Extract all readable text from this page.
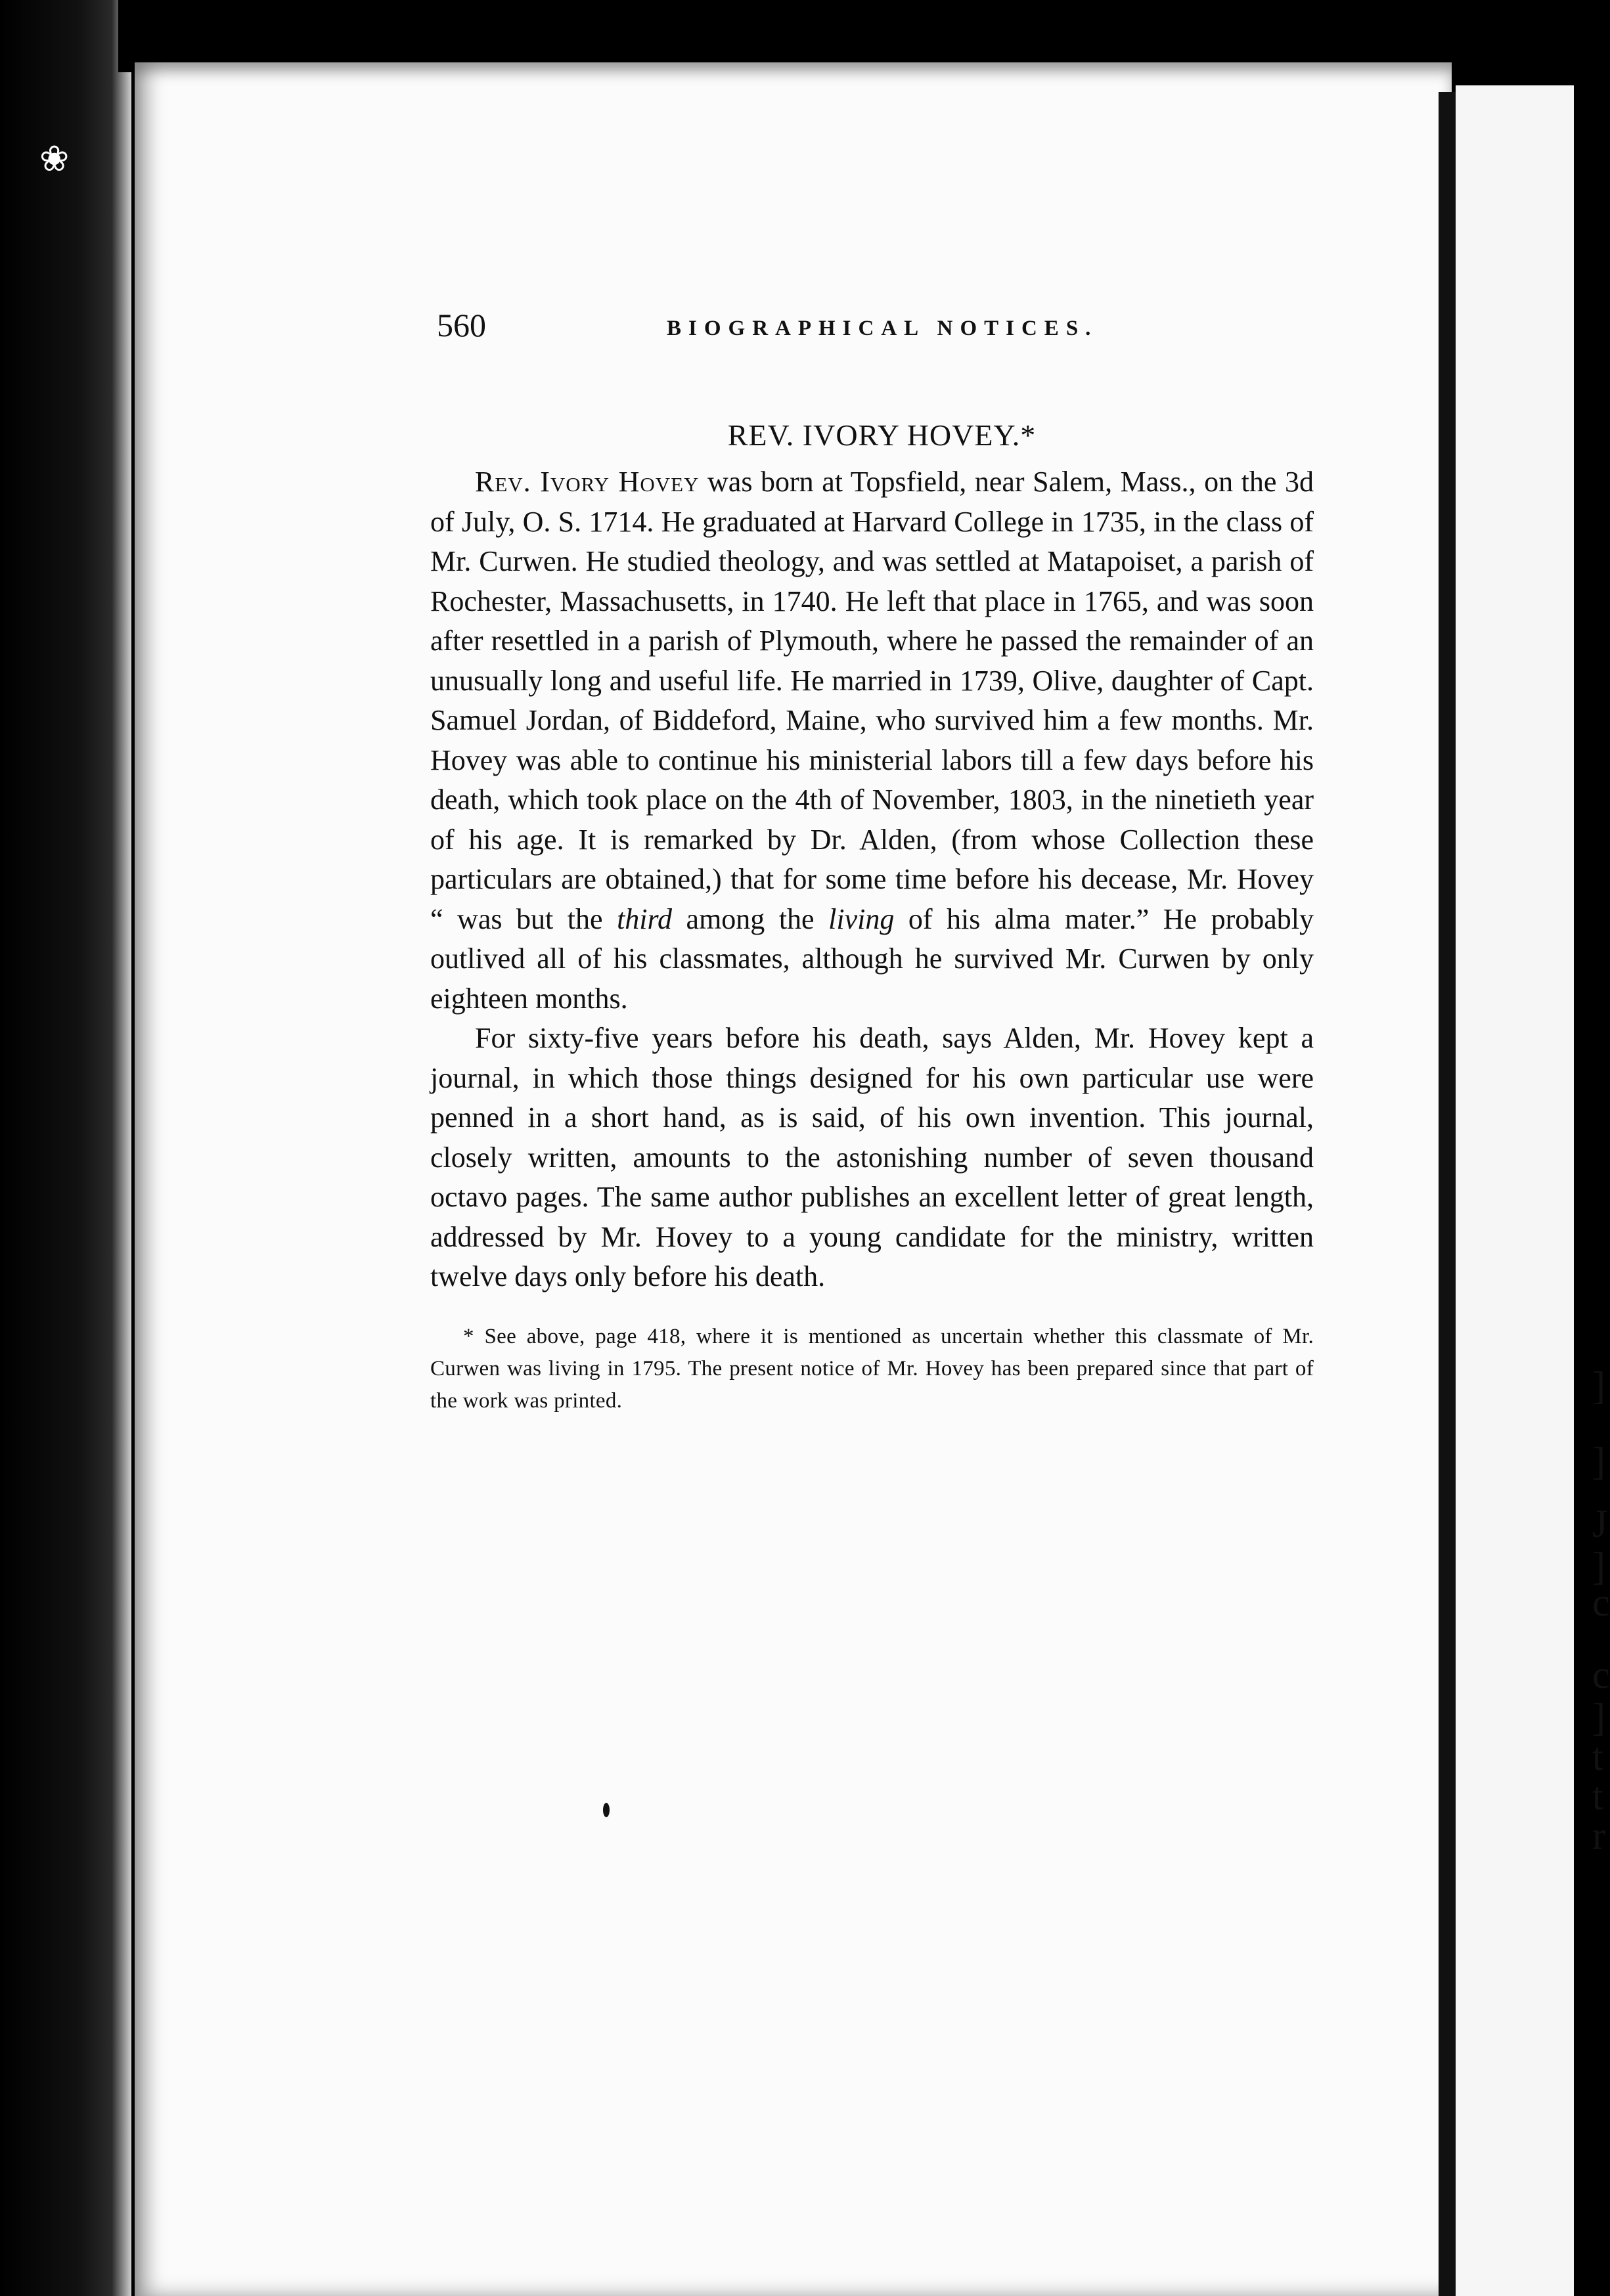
❀
]
]
J
]
c
c
]
t
t
r
560	BIOGRAPHICAL NOTICES.
REV. IVORY HOVEY.*

Rev. Ivory Hovey was born at Topsfield, near Salem, Mass., on the 3d of July, O. S. 1714. He graduated at Harvard College in 1735, in the class of Mr. Curwen. He studied theology, and was settled at Matapoiset, a parish of Rochester, Massachusetts, in 1740. He left that place in 1765, and was soon after resettled in a parish of Plymouth, where he passed the remainder of an unusually long and useful life. He married in 1739, Olive, daughter of Capt. Samuel Jordan, of Biddeford, Maine, who survived him a few months. Mr. Hovey was able to continue his ministerial labors till a few days before his death, which took place on the 4th of November, 1803, in the ninetieth year of his age. It is remarked by Dr. Alden, (from whose Collection these particulars are obtained,) that for some time before his decease, Mr. Hovey “ was but the third among the living of his alma mater.” He probably outlived all of his classmates, although he survived Mr. Curwen by only eighteen months.

For sixty-five years before his death, says Alden, Mr. Hovey kept a journal, in which those things designed for his own particular use were penned in a short hand, as is said, of his own invention. This journal, closely written, amounts to the astonishing number of seven thousand octavo pages. The same author publishes an excellent letter of great length, addressed by Mr. Hovey to a young candidate for the ministry, written twelve days only before his death.

* See above, page 418, where it is mentioned as uncertain whether this classmate of Mr. Curwen was living in 1795. The present notice of Mr. Hovey has been prepared since that part of the work was printed.
